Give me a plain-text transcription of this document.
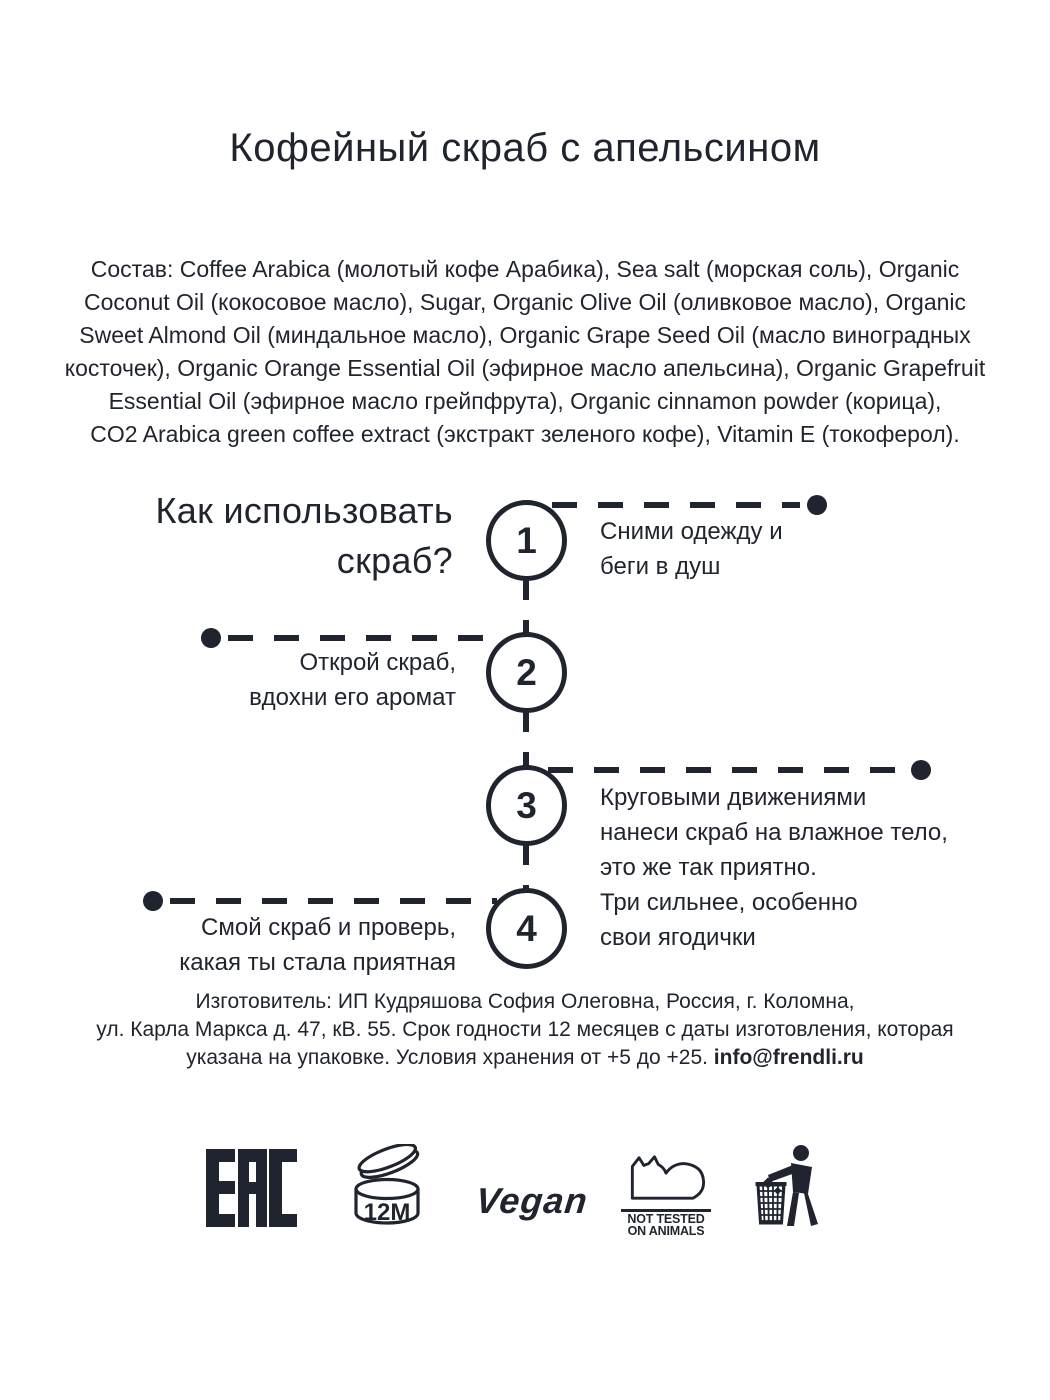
Кофейный скраб с апельсином
Состав: Coffee Arabica (молотый кофе Арабика), Sea salt (морская соль), Organic
Coconut Oil (кокосовое масло), Sugar, Organic Olive Oil (оливковое масло), Organic
Sweet Almond Oil (миндальное масло), Organic Grape Seed Oil (масло виноградных
косточек), Organic Orange Essential Oil (эфирное масло апельсина), Organic Grapefruit
Essential Oil (эфирное масло грейпфрута), Organic cinnamon powder (корица),
CO2 Arabica green coffee extract (экстракт зеленого кофе), Vitamin E (токоферол).
Как использовать
скраб? 1
2
3
4
Сними одежду и
беги в душ
Открой скраб,
вдохни его аромат
Круговыми движениями
нанеси скраб на влажное тело,
это же так приятно.
Три сильнее, особенно
свои ягодички
Смой скраб и проверь,
какая ты стала приятная
Изготовитель: ИП Кудряшова София Олеговна, Россия, г. Коломна,
ул. Карла Маркса д. 47, кВ. 55. Срок годности 12 месяцев с даты изготовления, которая
указана на упаковке. Условия хранения от +5 до +25. info@frendli.ru
12M Vegan	NOT TESTED
ON ANIMALS
